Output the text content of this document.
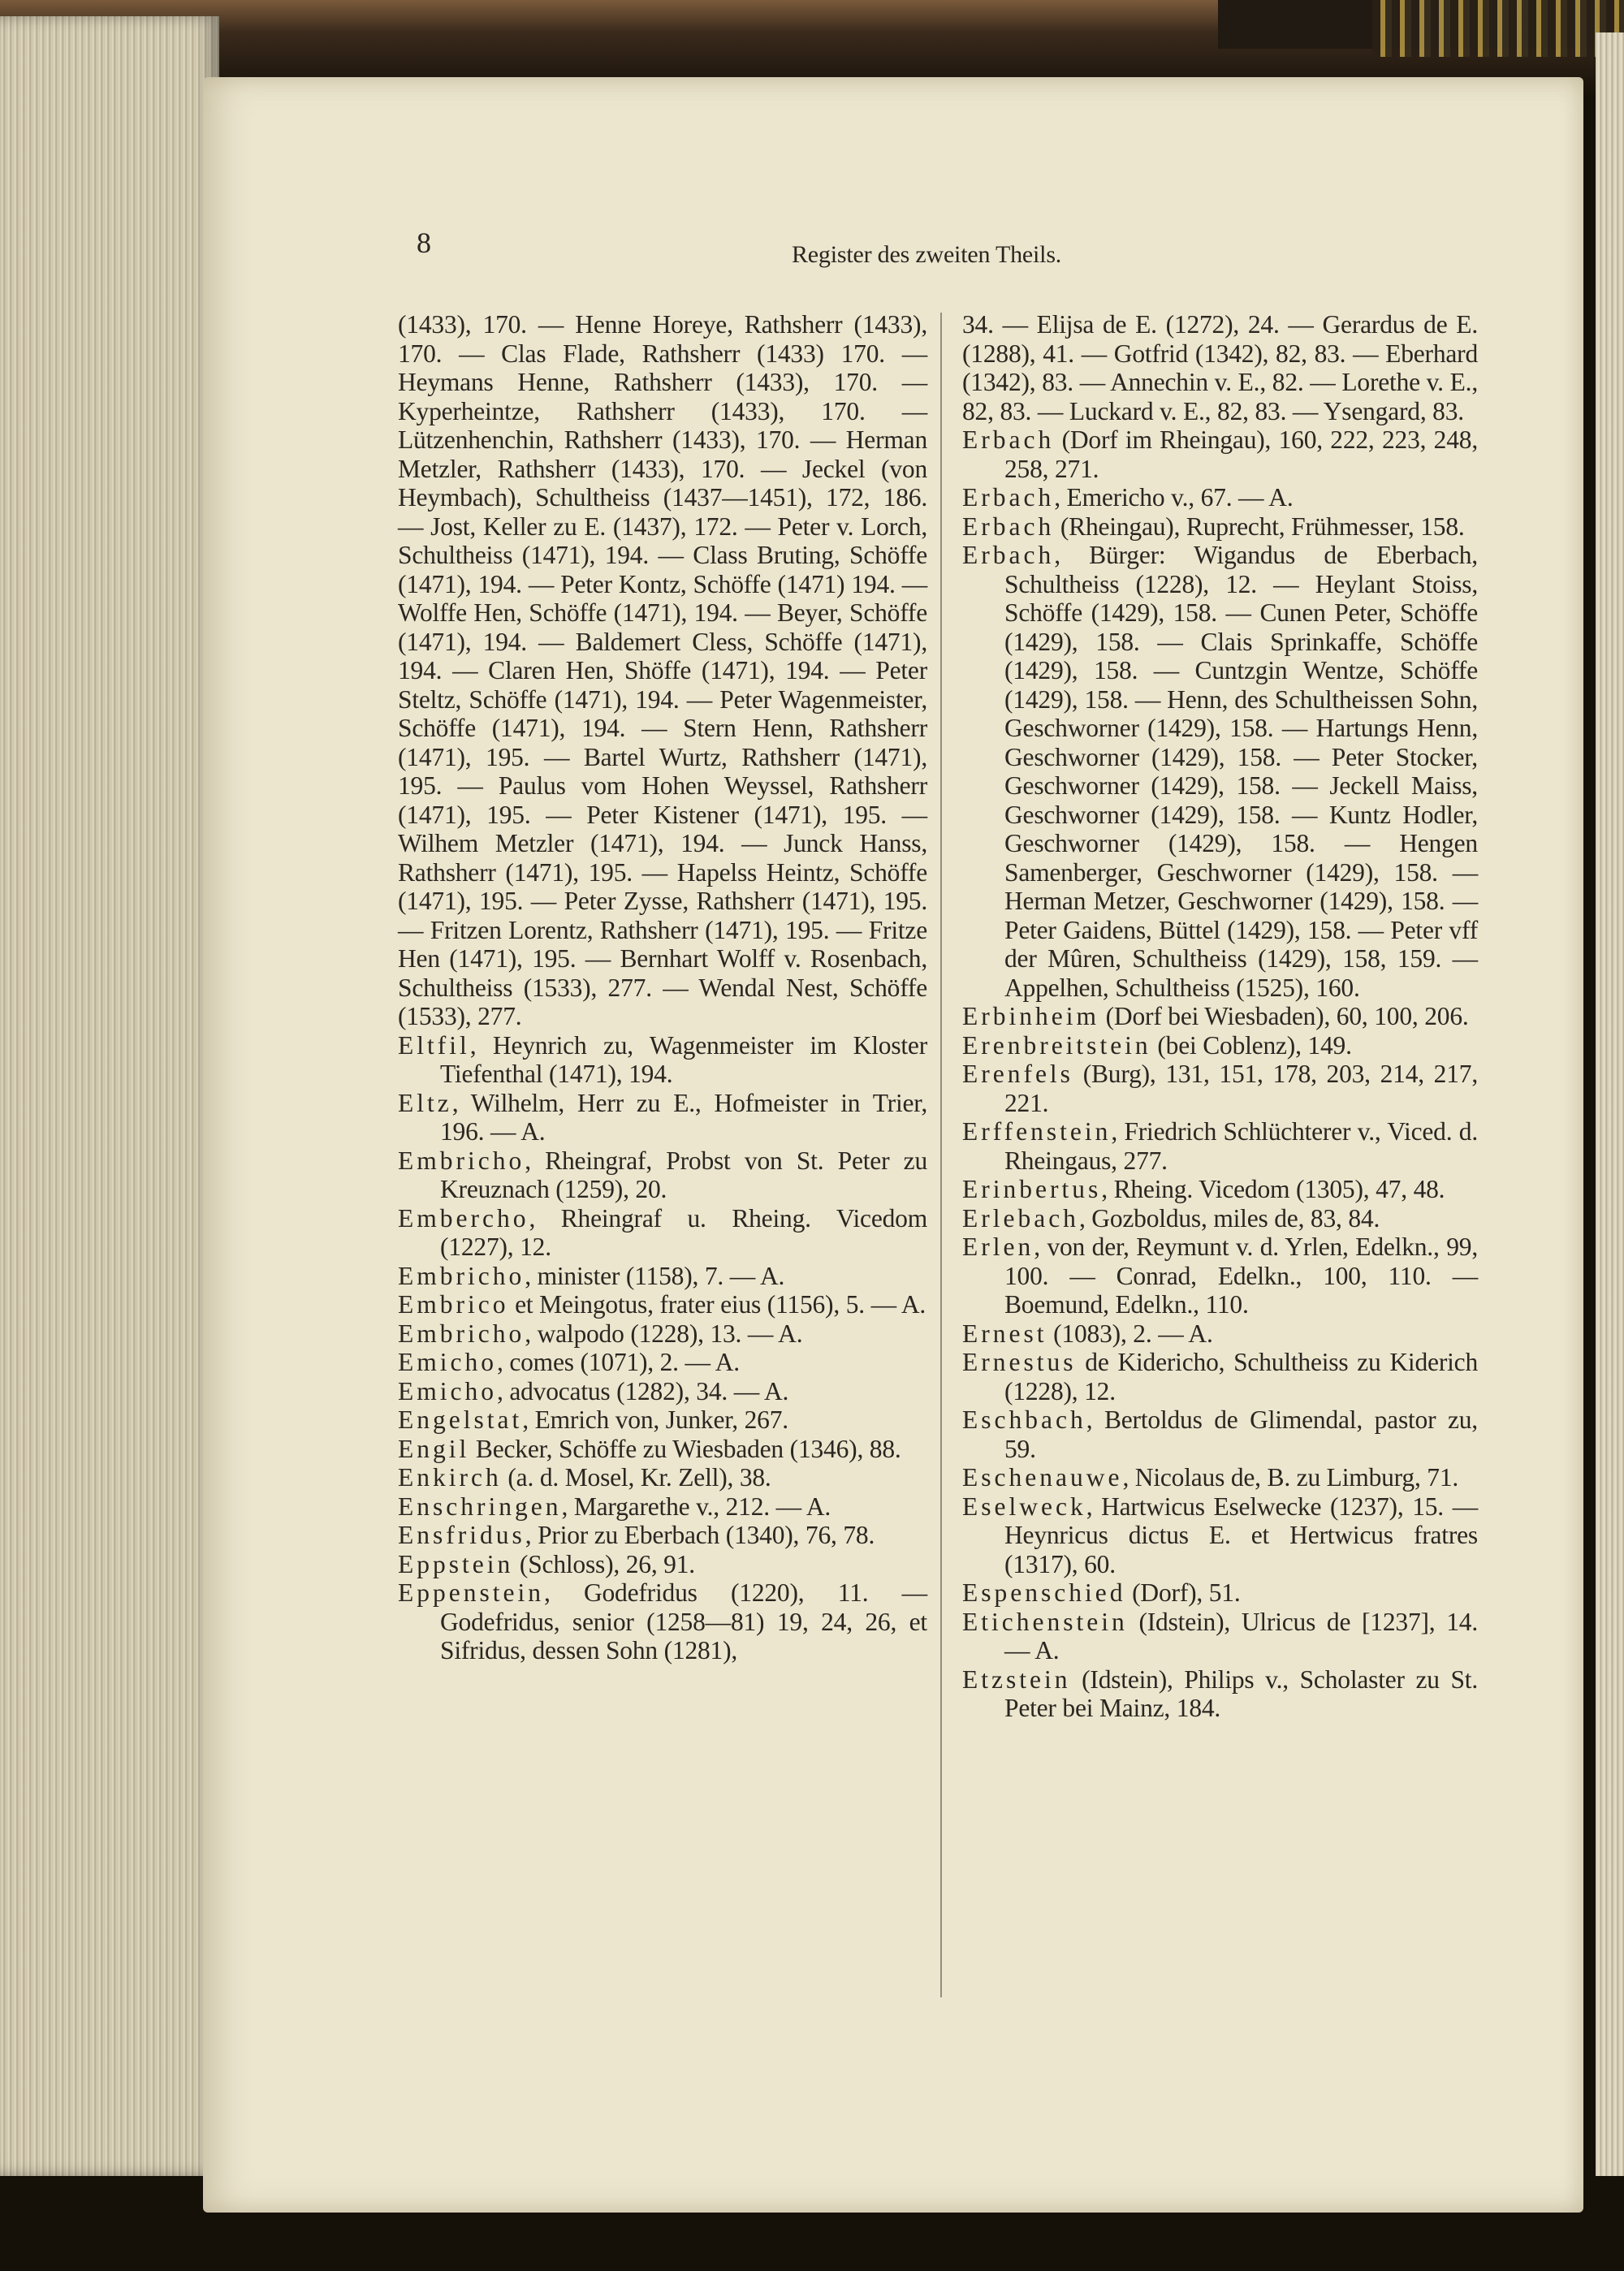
8	Register des zweiten Theils.

(1433), 170. — Henne Horeye, Rathsherr (1433), 170. — Clas Flade, Rathsherr (1433) 170. — Heymans Henne, Rathsherr (1433), 170. — Kyperheintze, Rathsherr (1433), 170. — Lützenhenchin, Rathsherr (1433), 170. — Herman Metzler, Rathsherr (1433), 170. — Jeckel (von Heymbach), Schultheiss (1437—1451), 172, 186. — Jost, Keller zu E. (1437), 172. — Peter v. Lorch, Schultheiss (1471), 194. — Class Bruting, Schöffe (1471), 194. — Peter Kontz, Schöffe (1471) 194. — Wolffe Hen, Schöffe (1471), 194. — Beyer, Schöffe (1471), 194. — Baldemert Cless, Schöffe (1471), 194. — Claren Hen, Shöffe (1471), 194. — Peter Steltz, Schöffe (1471), 194. — Peter Wagenmeister, Schöffe (1471), 194. — Stern Henn, Rathsherr (1471), 195. — Bartel Wurtz, Rathsherr (1471), 195. — Paulus vom Hohen Weyssel, Rathsherr (1471), 195. — Peter Kistener (1471), 195. — Wilhem Metzler (1471), 194. — Junck Hanss, Rathsherr (1471), 195. — Hapelss Heintz, Schöffe (1471), 195. — Peter Zysse, Rathsherr (1471), 195. — Fritzen Lorentz, Rathsherr (1471), 195. — Fritze Hen (1471), 195. — Bernhart Wolff v. Rosenbach, Schultheiss (1533), 277. — Wendal Nest, Schöffe (1533), 277.

Eltfil, Heynrich zu, Wagenmeister im Kloster Tiefenthal (1471), 194.

Eltz, Wilhelm, Herr zu E., Hofmeister in Trier, 196. — A.

Embricho, Rheingraf, Probst von St. Peter zu Kreuznach (1259), 20.

Embercho, Rheingraf u. Rheing. Vicedom (1227), 12.

Embricho, minister (1158), 7. — A.

Embrico et Meingotus, frater eius (1156), 5. — A.

Embricho, walpodo (1228), 13. — A.

Emicho, comes (1071), 2. — A.

Emicho, advocatus (1282), 34. — A.

Engelstat, Emrich von, Junker, 267.

Engil Becker, Schöffe zu Wiesbaden (1346), 88.

Enkirch (a. d. Mosel, Kr. Zell), 38.

Enschringen, Margarethe v., 212. — A.

Ensfridus, Prior zu Eberbach (1340), 76, 78.

Eppstein (Schloss), 26, 91.

Eppenstein, Godefridus (1220), 11. — Godefridus, senior (1258—81) 19, 24, 26, et Sifridus, dessen Sohn (1281),

34. — Elijsa de E. (1272), 24. — Gerardus de E. (1288), 41. — Gotfrid (1342), 82, 83. — Eberhard (1342), 83. — Annechin v. E., 82. — Lorethe v. E., 82, 83. — Luckard v. E., 82, 83. — Ysengard, 83.

Erbach (Dorf im Rheingau), 160, 222, 223, 248, 258, 271.

Erbach, Emericho v., 67. — A.

Erbach (Rheingau), Ruprecht, Frühmesser, 158.

Erbach, Bürger: Wigandus de Eberbach, Schultheiss (1228), 12. — Heylant Stoiss, Schöffe (1429), 158. — Cunen Peter, Schöffe (1429), 158. — Clais Sprinkaffe, Schöffe (1429), 158. — Cuntzgin Wentze, Schöffe (1429), 158. — Henn, des Schultheissen Sohn, Geschworner (1429), 158. — Hartungs Henn, Geschworner (1429), 158. — Peter Stocker, Geschworner (1429), 158. — Jeckell Maiss, Geschworner (1429), 158. — Kuntz Hodler, Geschworner (1429), 158. — Hengen Samenberger, Geschworner (1429), 158. — Herman Metzer, Geschworner (1429), 158. — Peter Gaidens, Büttel (1429), 158. — Peter vff der Mûren, Schultheiss (1429), 158, 159. — Appelhen, Schultheiss (1525), 160.

Erbinheim (Dorf bei Wiesbaden), 60, 100, 206.

Erenbreitstein (bei Coblenz), 149.

Erenfels (Burg), 131, 151, 178, 203, 214, 217, 221.

Erffenstein, Friedrich Schlüchterer v., Viced. d. Rheingaus, 277.

Erinbertus, Rheing. Vicedom (1305), 47, 48.

Erlebach, Gozboldus, miles de, 83, 84.

Erlen, von der, Reymunt v. d. Yrlen, Edelkn., 99, 100. — Conrad, Edelkn., 100, 110. — Boemund, Edelkn., 110.

Ernest (1083), 2. — A.

Ernestus de Kidericho, Schultheiss zu Kiderich (1228), 12.

Eschbach, Bertoldus de Glimendal, pastor zu, 59.

Eschenauwe, Nicolaus de, B. zu Limburg, 71.

Eselweck, Hartwicus Eselwecke (1237), 15. — Heynricus dictus E. et Hertwicus fratres (1317), 60.

Espenschied (Dorf), 51.

Etichenstein (Idstein), Ulricus de [1237], 14. — A.

Etzstein (Idstein), Philips v., Scholaster zu St. Peter bei Mainz, 184.
